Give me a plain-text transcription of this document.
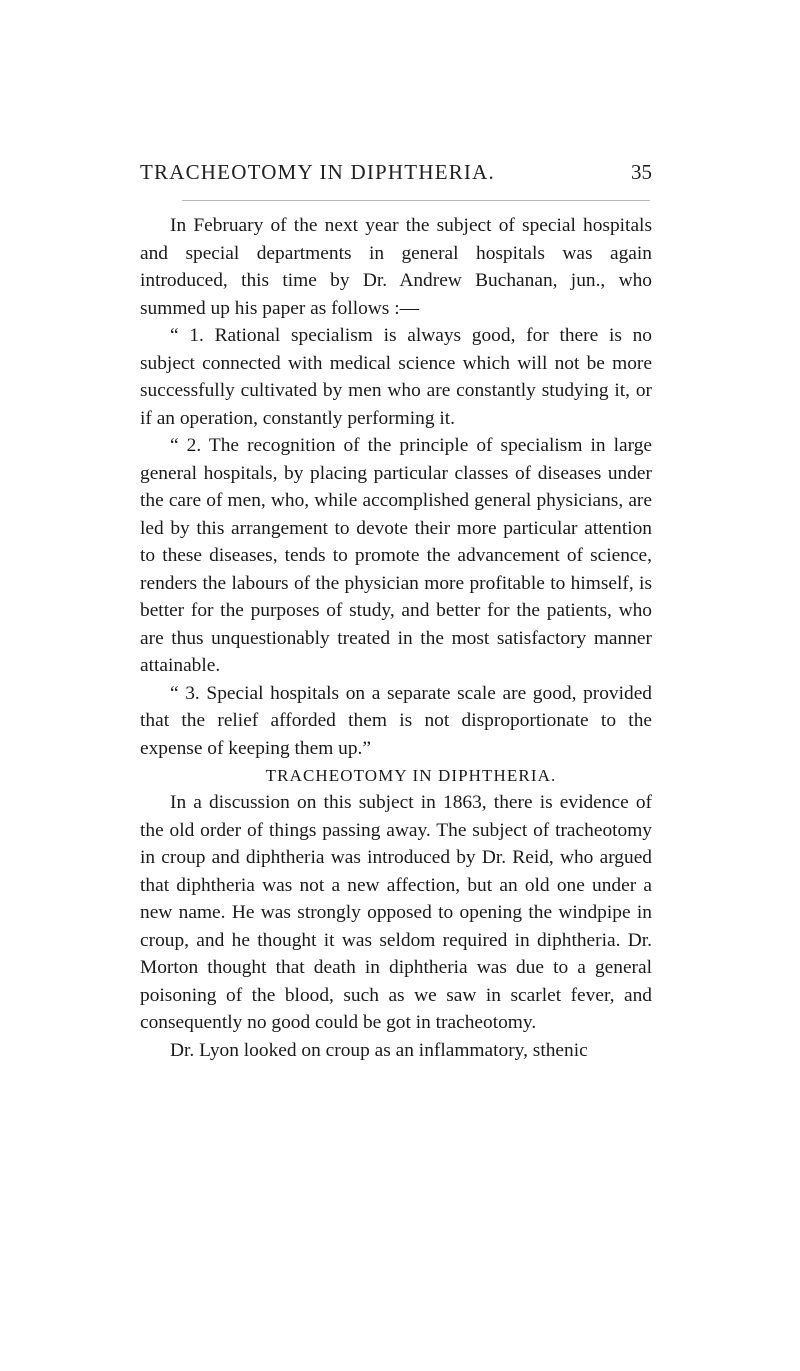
TRACHEOTOMY IN DIPHTHERIA.	35

In February of the next year the subject of special hospitals and special departments in general hospitals was again introduced, this time by Dr. Andrew Buchanan, jun., who summed up his paper as follows :—

“ 1. Rational specialism is always good, for there is no subject connected with medical science which will not be more successfully cultivated by men who are constantly studying it, or if an operation, constantly performing it.

“ 2. The recognition of the principle of specialism in large general hospitals, by placing particular classes of diseases under the care of men, who, while accomplished general physicians, are led by this arrangement to devote their more particular attention to these diseases, tends to promote the advancement of science, renders the labours of the physician more profitable to himself, is better for the purposes of study, and better for the patients, who are thus unquestionably treated in the most satisfactory manner attainable.

“ 3. Special hospitals on a separate scale are good, provided that the relief afforded them is not disproportionate to the expense of keeping them up.”

TRACHEOTOMY IN DIPHTHERIA.

In a discussion on this subject in 1863, there is evidence of the old order of things passing away. The subject of tracheotomy in croup and diphtheria was introduced by Dr. Reid, who argued that diphtheria was not a new affection, but an old one under a new name. He was strongly opposed to opening the windpipe in croup, and he thought it was seldom required in diphtheria. Dr. Morton thought that death in diphtheria was due to a general poisoning of the blood, such as we saw in scarlet fever, and consequently no good could be got in tracheotomy.

Dr. Lyon looked on croup as an inflammatory, sthenic
